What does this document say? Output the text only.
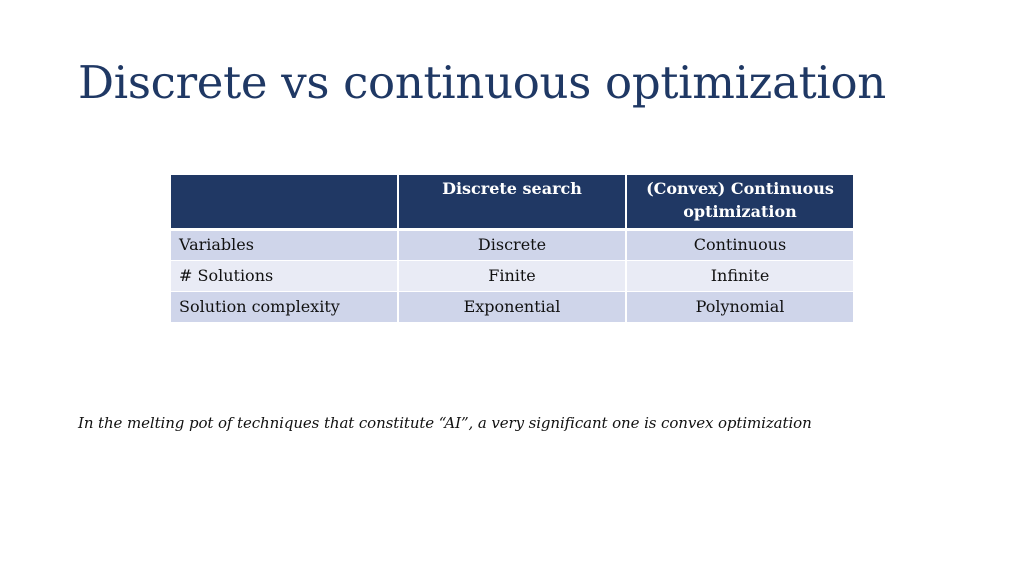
Discrete vs continuous optimization
	Discrete search	(Convex) Continuous optimization
Variables	Discrete	Continuous
# Solutions	Finite	Infinite
Solution complexity	Exponential	Polynomial

In the melting pot of techniques that constitute “AI”, a very significant one is convex optimization
